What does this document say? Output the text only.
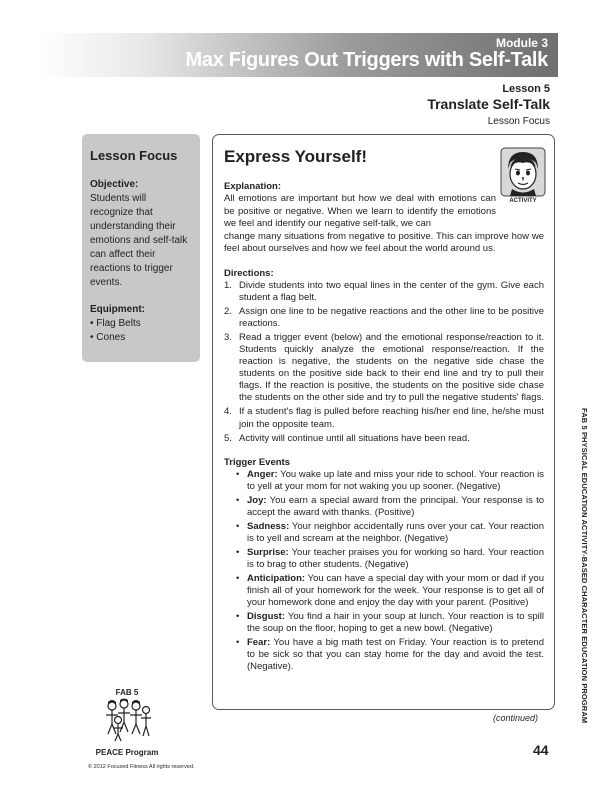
Module 3
Max Figures Out Triggers with Self-Talk
Lesson 5
Translate Self-Talk
Lesson Focus
Lesson Focus
Objective:
Students will recognize that understanding their emotions and self-talk can affect their reactions to trigger events.
Equipment:
• Flag Belts
• Cones
Express Yourself!
ACTIVITY
Explanation:
All emotions are important but how we deal with emotions can be positive or negative. When we learn to identify the emotions we feel and identify our negative self-talk, we can
change many situations from negative to positive. This can improve how we feel about ourselves and how we feel about the world around us.
Directions:
1. Divide students into two equal lines in the center of the gym. Give each student a flag belt.
2. Assign one line to be negative reactions and the other line to be positive reactions.
3. Read a trigger event (below) and the emotional response/reaction to it. Students quickly analyze the emotional response/reaction. If the reaction is negative, the students on the negative side chase the students on the positive side back to their end line and try to pull their flags. If the reaction is positive, the students on the positive side chase the students on the other side and try to pull the negative students' flags.
4. If a student's flag is pulled before reaching his/her end line, he/she must join the opposite team.
5. Activity will continue until all situations have been read.
Trigger Events
• Anger: You wake up late and miss your ride to school. Your reaction is to yell at your mom for not waking you up sooner. (Negative)
• Joy: You earn a special award from the principal. Your response is to accept the award with thanks. (Positive)
• Sadness: Your neighbor accidentally runs over your cat. Your reaction is to yell and scream at the neighbor. (Negative)
• Surprise: Your teacher praises you for working so hard. Your reaction is to brag to other students. (Negative)
• Anticipation: You can have a special day with your mom or dad if you finish all of your homework for the week. Your response is to get all of your homework done and enjoy the day with your parent. (Positive)
• Disgust: You find a hair in your soup at lunch. Your reaction is to spill the soup on the floor, hoping to get a new bowl. (Negative)
• Fear: You have a big math test on Friday. Your reaction is to pretend to be sick so that you can stay home for the day and avoid the test. (Negative).
(continued)
44
FAB 5 PHYSICAL EDUCATION ACTIVITY-BASED CHARACTER EDUCATION PROGRAM
FAB 5
PEACE Program
© 2012 Focused Fitness All rights reserved.
